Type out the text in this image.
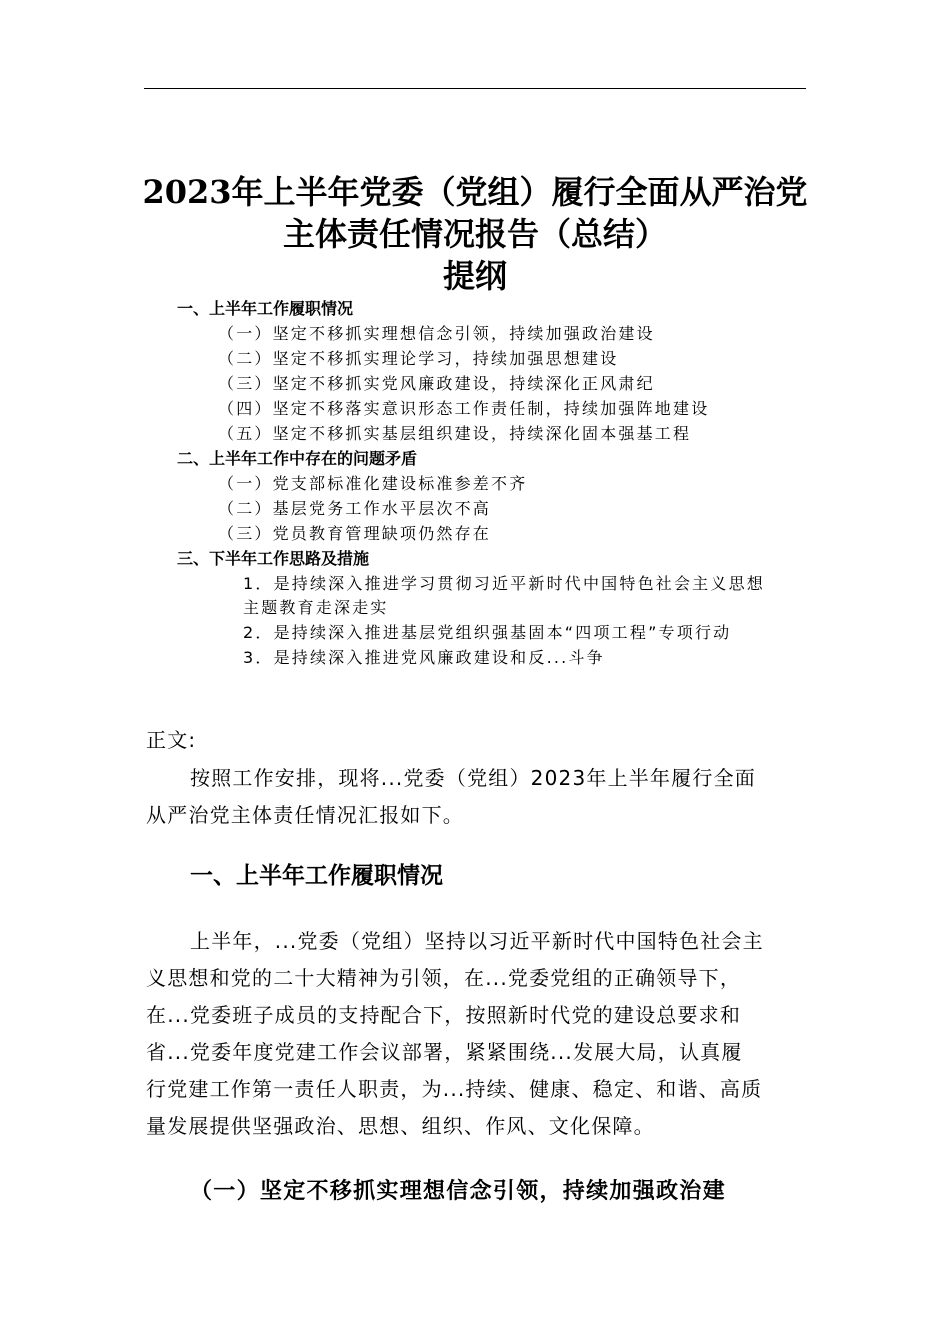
2023年上半年党委（党组）履行全面从严治党
主体责任情况报告（总结）
提纲
一、上半年工作履职情况
（一）坚定不移抓实理想信念引领，持续加强政治建设
（二）坚定不移抓实理论学习，持续加强思想建设
（三）坚定不移抓实党风廉政建设，持续深化正风肃纪
（四）坚定不移落实意识形态工作责任制，持续加强阵地建设
（五）坚定不移抓实基层组织建设，持续深化固本强基工程
二、上半年工作中存在的问题矛盾
（一）党支部标准化建设标准参差不齐
（二）基层党务工作水平层次不高
（三）党员教育管理缺项仍然存在
三、下半年工作思路及措施
1．是持续深入推进学习贯彻习近平新时代中国特色社会主义思想
主题教育走深走实
2．是持续深入推进基层党组织强基固本“四项工程”专项行动
3．是持续深入推进党风廉政建设和反...斗争
正文:
按照工作安排，现将...党委（党组）2023年上半年履行全面
从严治党主体责任情况汇报如下。
一、上半年工作履职情况
上半年，...党委（党组）坚持以习近平新时代中国特色社会主
义思想和党的二十大精神为引领，在...党委党组的正确领导下，
在...党委班子成员的支持配合下，按照新时代党的建设总要求和
省...党委年度党建工作会议部署，紧紧围绕...发展大局，认真履
行党建工作第一责任人职责，为...持续、健康、稳定、和谐、高质
量发展提供坚强政治、思想、组织、作风、文化保障。
（一）坚定不移抓实理想信念引领，持续加强政治建
